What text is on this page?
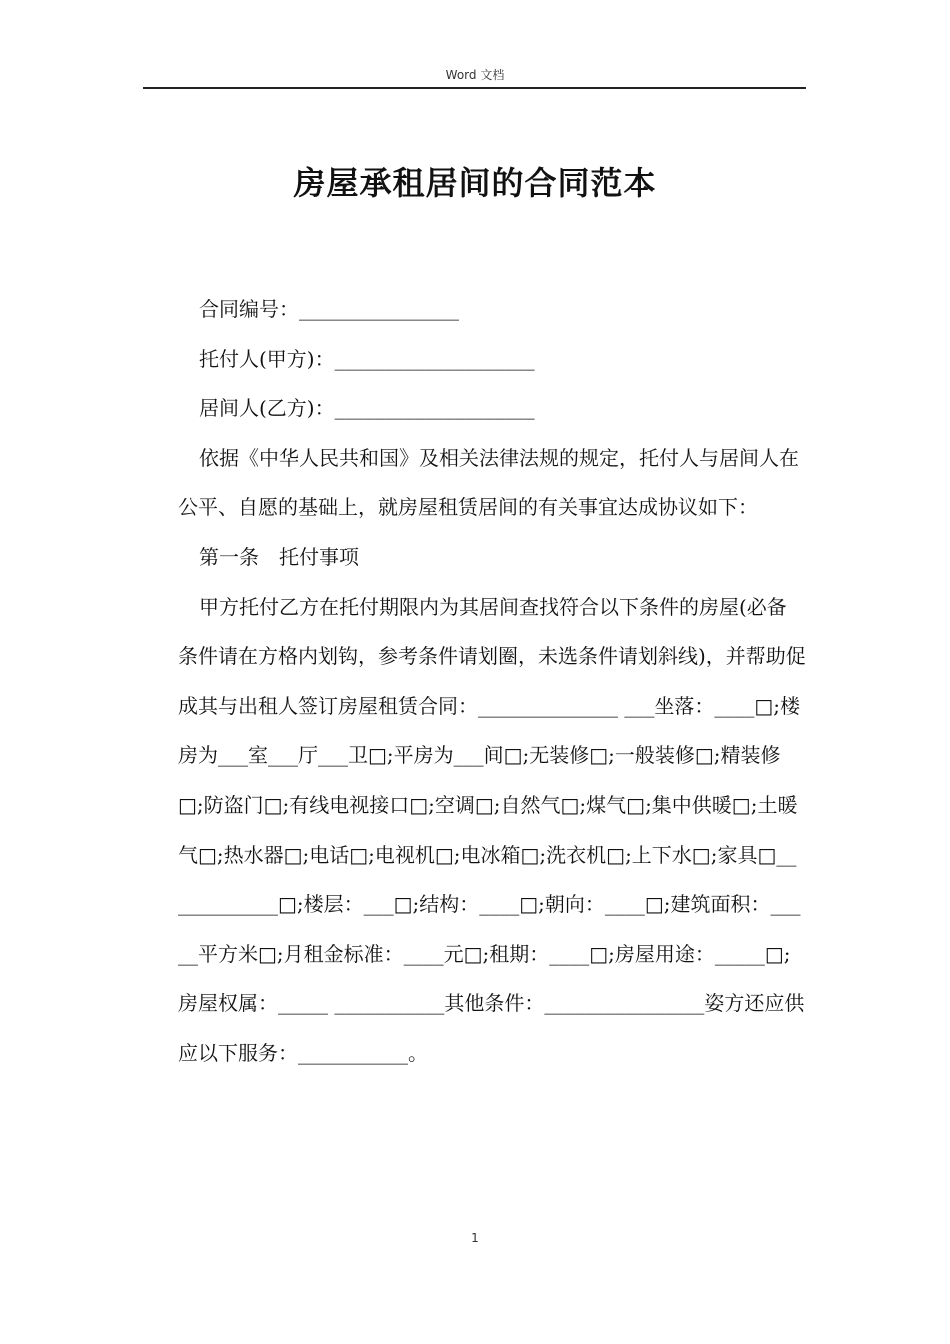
Word 文档
房屋承租居间的合同范本

合同编号：________________

托付人(甲方)：____________________

居间人(乙方)：____________________

依据《中华人民共和国》及相关法律法规的规定，托付人与居间人在公平、自愿的基础上，就房屋租赁居间的有关事宜达成协议如下：

第一条　托付事项

甲方托付乙方在托付期限内为其居间查找符合以下条件的房屋(必备条件请在方格内划钩，参考条件请划圈，未选条件请划斜线)，并帮助促成其与出租人签订房屋租赁合同：______________ ___坐落：____□;楼房为___室___厅___卫□;平房为___间□;无装修□;一般装修□;精装修□;防盗门□;有线电视接口□;空调□;自然气□;煤气□;集中供暖□;土暖气□;热水器□;电话□;电视机□;电冰箱□;洗衣机□;上下水□;家具□____________□;楼层：___□;结构：____□;朝向：____□;建筑面积：_____平方米□;月租金标准：____元□;租期：____□;房屋用途：_____□;房屋权属：_____ ___________其他条件：________________姿方还应供应以下服务：___________。

1
